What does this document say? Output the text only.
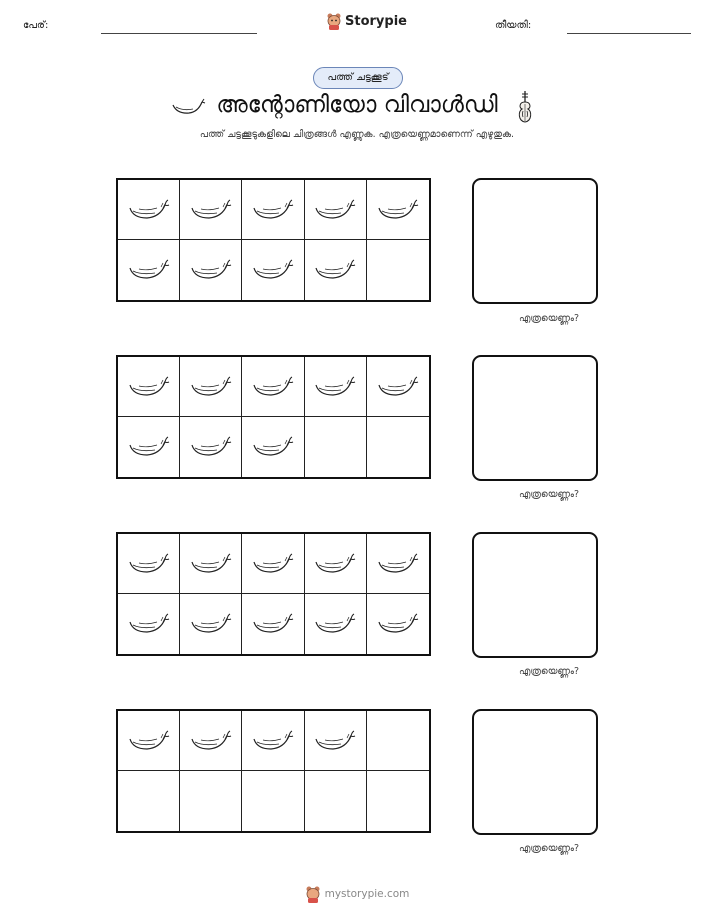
പേര്:	Storypie	തീയതി:
പത്ത് ചട്ടക്കൂട്
അന്റോണിയോ വിവാൾഡി
പത്ത് ചട്ടക്കൂടുകളിലെ ചിത്രങ്ങൾ എണ്ണുക. എത്രയെണ്ണമാണെന്ന് എഴുതുക.
എത്രയെണ്ണം?
എത്രയെണ്ണം?
എത്രയെണ്ണം?
എത്രയെണ്ണം?
mystorypie.com
